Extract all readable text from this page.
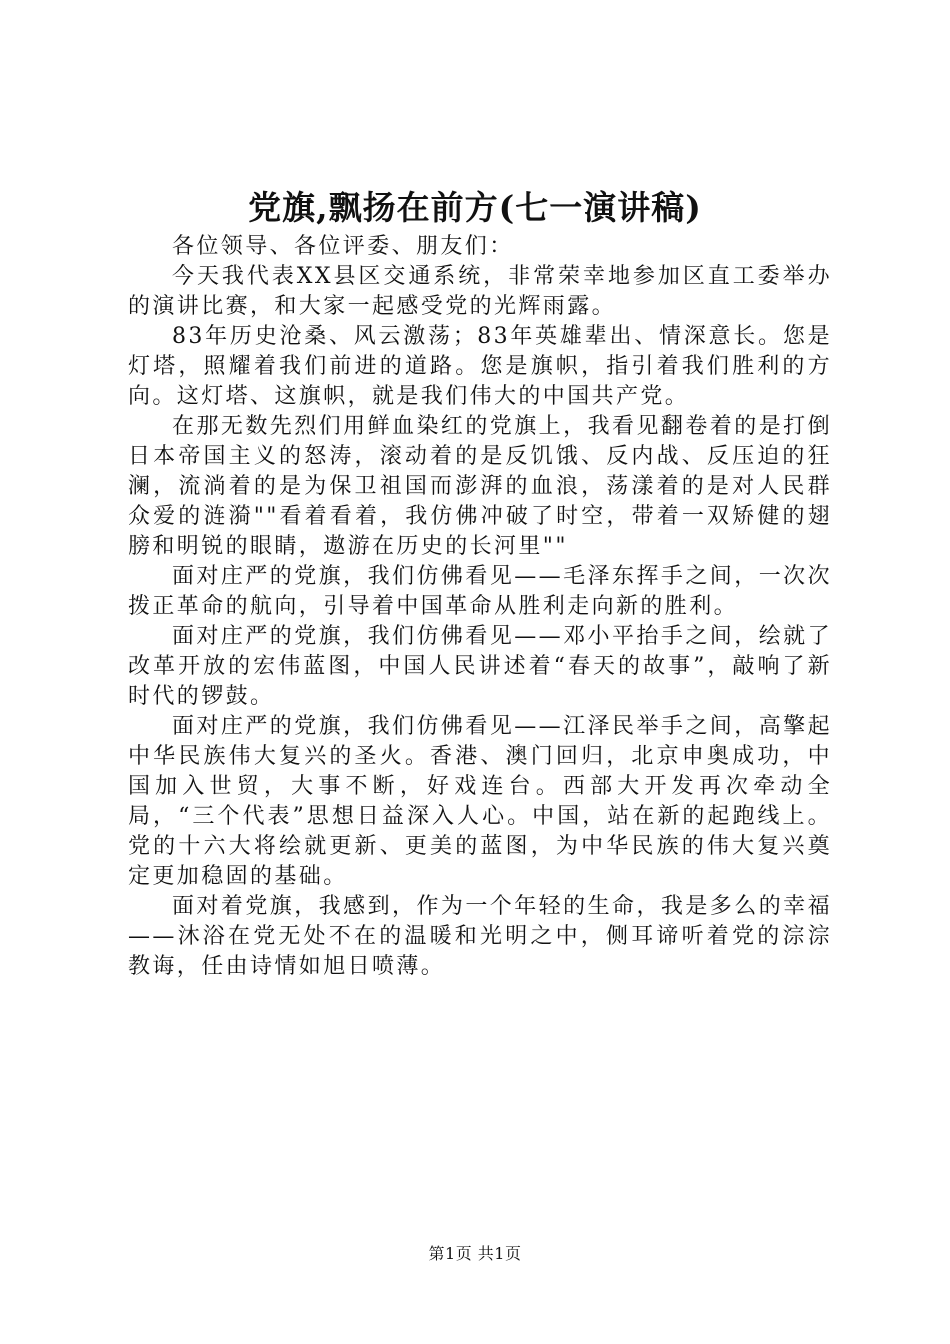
党旗,飘扬在前方(七一演讲稿)

各位领导、各位评委、朋友们：

今天我代表XX县区交通系统，非常荣幸地参加区直工委举办的演讲比赛，和大家一起感受党的光辉雨露。

83年历史沧桑、风云激荡；83年英雄辈出、情深意长。您是灯塔，照耀着我们前进的道路。您是旗帜，指引着我们胜利的方向。这灯塔、这旗帜，就是我们伟大的中国共产党。

在那无数先烈们用鲜血染红的党旗上，我看见翻卷着的是打倒日本帝国主义的怒涛，滚动着的是反饥饿、反内战、反压迫的狂澜，流淌着的是为保卫祖国而澎湃的血浪，荡漾着的是对人民群众爱的涟漪""看着看着，我仿佛冲破了时空，带着一双矫健的翅膀和明锐的眼睛，遨游在历史的长河里""

面对庄严的党旗，我们仿佛看见——毛泽东挥手之间，一次次拨正革命的航向，引导着中国革命从胜利走向新的胜利。

面对庄严的党旗，我们仿佛看见——邓小平抬手之间，绘就了改革开放的宏伟蓝图，中国人民讲述着“春天的故事”，敲响了新时代的锣鼓。

面对庄严的党旗，我们仿佛看见——江泽民举手之间，高擎起中华民族伟大复兴的圣火。香港、澳门回归，北京申奥成功，中国加入世贸，大事不断，好戏连台。西部大开发再次牵动全局，“三个代表”思想日益深入人心。中国，站在新的起跑线上。党的十六大将绘就更新、更美的蓝图，为中华民族的伟大复兴奠定更加稳固的基础。

面对着党旗，我感到，作为一个年轻的生命，我是多么的幸福——沐浴在党无处不在的温暖和光明之中，侧耳谛听着党的淙淙教诲，任由诗情如旭日喷薄。

第1页 共1页
